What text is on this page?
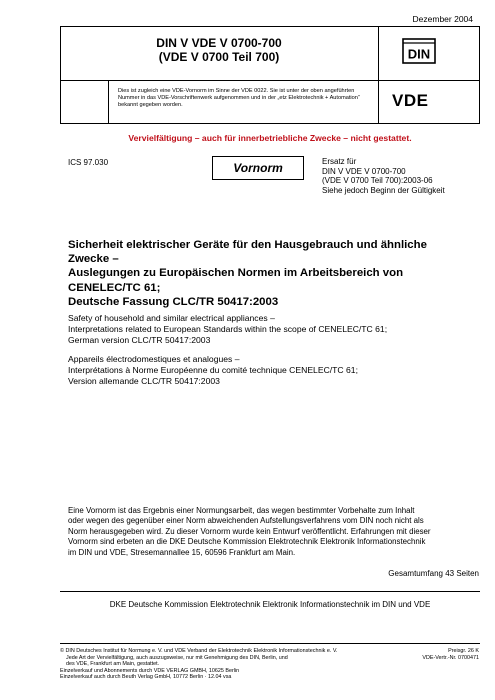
Dezember 2004
DIN V VDE V 0700-700
(VDE V 0700 Teil 700)
Dies ist zugleich eine VDE-Vornorm im Sinne der VDE 0022. Sie ist unter der oben angeführten Nummer in das VDE-Vorschriftenwerk aufgenommen und in der „etz Elektrotechnik + Automation“ bekannt gegeben worden.
DIN
VDE
Vervielfältigung – auch für innerbetriebliche Zwecke – nicht gestattet.
ICS 97.030	Vornorm	Ersatz für
DIN V VDE V 0700-700
(VDE V 0700 Teil 700):2003-06
Siehe jedoch Beginn der Gültigkeit
Sicherheit elektrischer Geräte für den Hausgebrauch und ähnliche
Zwecke –
Auslegungen zu Europäischen Normen im Arbeitsbereich von
CENELEC/TC 61;
Deutsche Fassung CLC/TR 50417:2003
Safety of household and similar electrical appliances –
Interpretations related to European Standards within the scope of CENELEC/TC 61;
German version CLC/TR 50417:2003
Appareils électrodomestiques et analogues –
Interprétations à Norme Européenne du comité technique CENELEC/TC 61;
Version allemande CLC/TR 50417:2003
Eine Vornorm ist das Ergebnis einer Normungsarbeit, das wegen bestimmter Vorbehalte zum Inhalt
oder wegen des gegenüber einer Norm abweichenden Aufstellungsverfahrens vom DIN noch nicht als
Norm herausgegeben wird. Zu dieser Vornorm wurde kein Entwurf veröffentlicht. Erfahrungen mit dieser
Vornorm sind erbeten an die DKE Deutsche Kommission Elektrotechnik Elektronik Informationstechnik
im DIN und VDE, Stresemannallee 15, 60596 Frankfurt am Main.
Gesamtumfang 43 Seiten
DKE Deutsche Kommission Elektrotechnik Elektronik Informationstechnik im DIN und VDE
© DIN Deutsches Institut für Normung e. V. und VDE Verband der Elektrotechnik Elektronik Informationstechnik e. V.
Jede Art der Vervielfältigung, auch auszugsweise, nur mit Genehmigung des DIN, Berlin, und
des VDE, Frankfurt am Main, gestattet.
Einzelverkauf und Abonnements durch VDE VERLAG GMBH, 10625 Berlin
Einzelverkauf auch durch Beuth Verlag GmbH, 10772 Berlin · 12.04 vsa
Preisgr. 26 K
VDE-Vertr.-Nr. 0700471
